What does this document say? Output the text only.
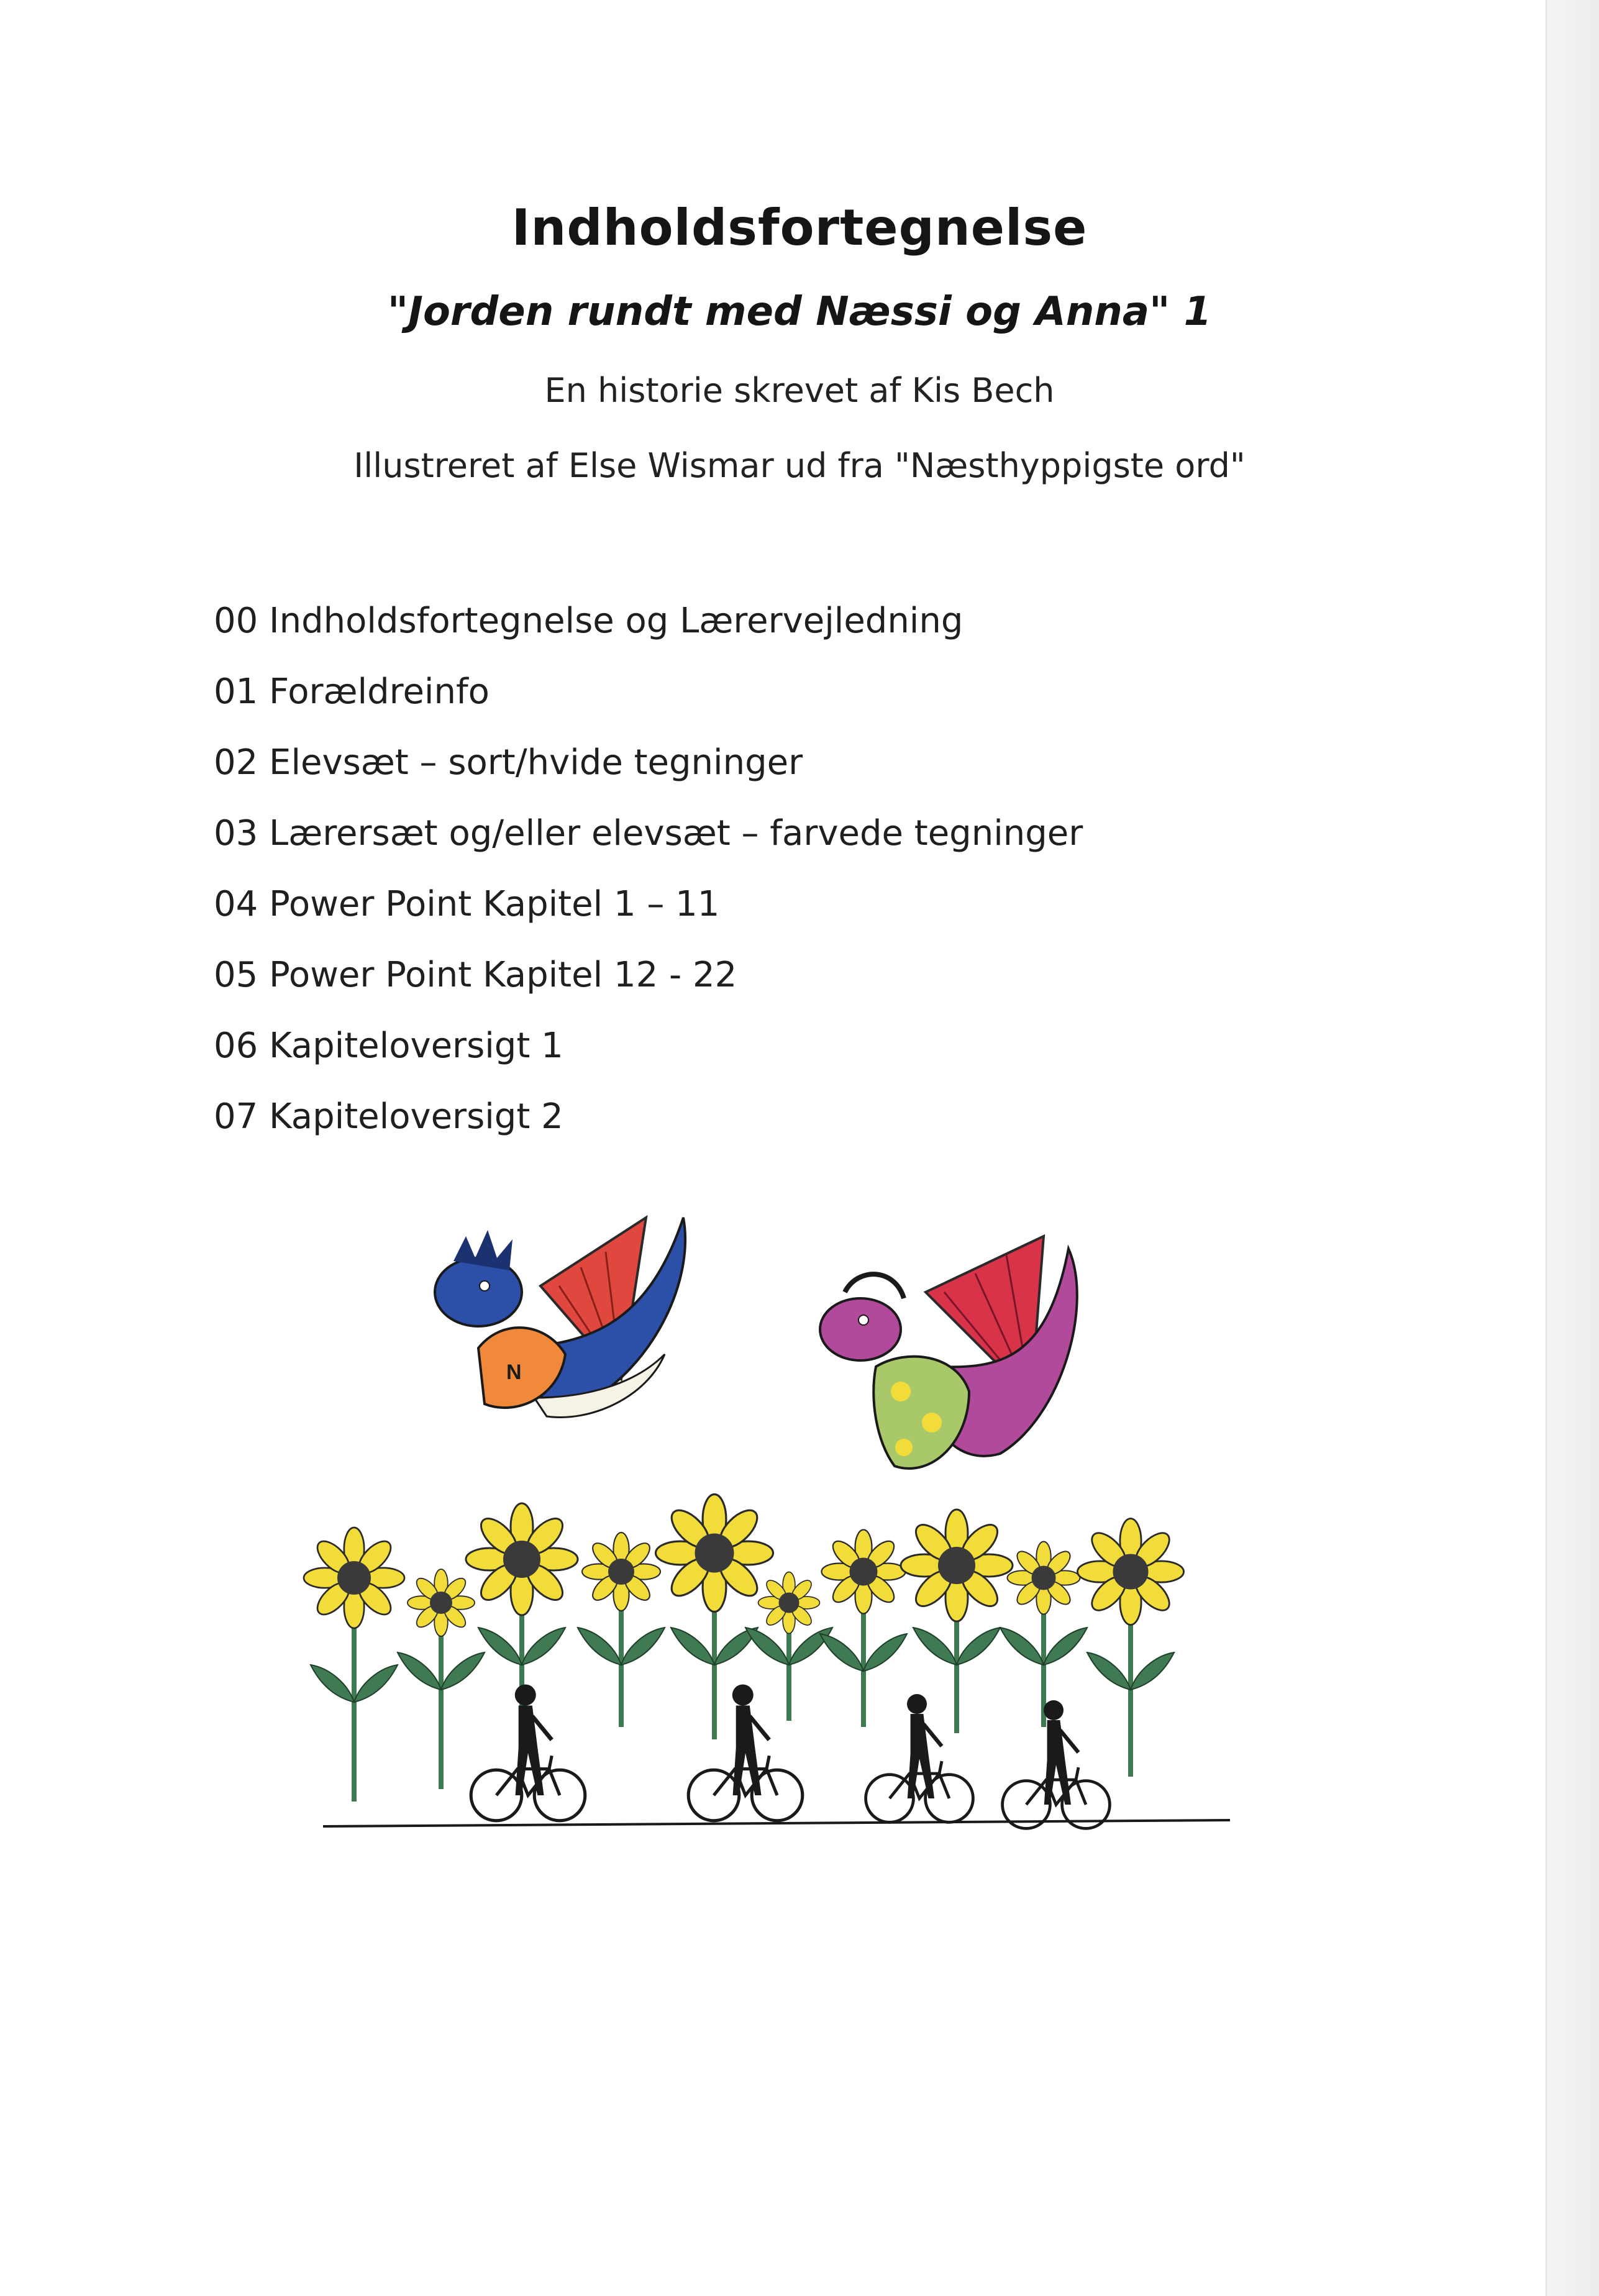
Indholdsfortegnelse
"Jorden rundt med Næssi og Anna" 1
En historie skrevet af Kis Bech
Illustreret af Else Wismar ud fra "Næsthyppigste ord"
00 Indholdsfortegnelse og Lærervejledning
01 Forældreinfo
02 Elevsæt – sort/hvide tegninger
03 Lærersæt og/eller elevsæt – farvede tegninger
04 Power Point Kapitel 1 – 11
05 Power Point Kapitel 12 - 22
06 Kapiteloversigt 1
07 Kapiteloversigt 2
N
